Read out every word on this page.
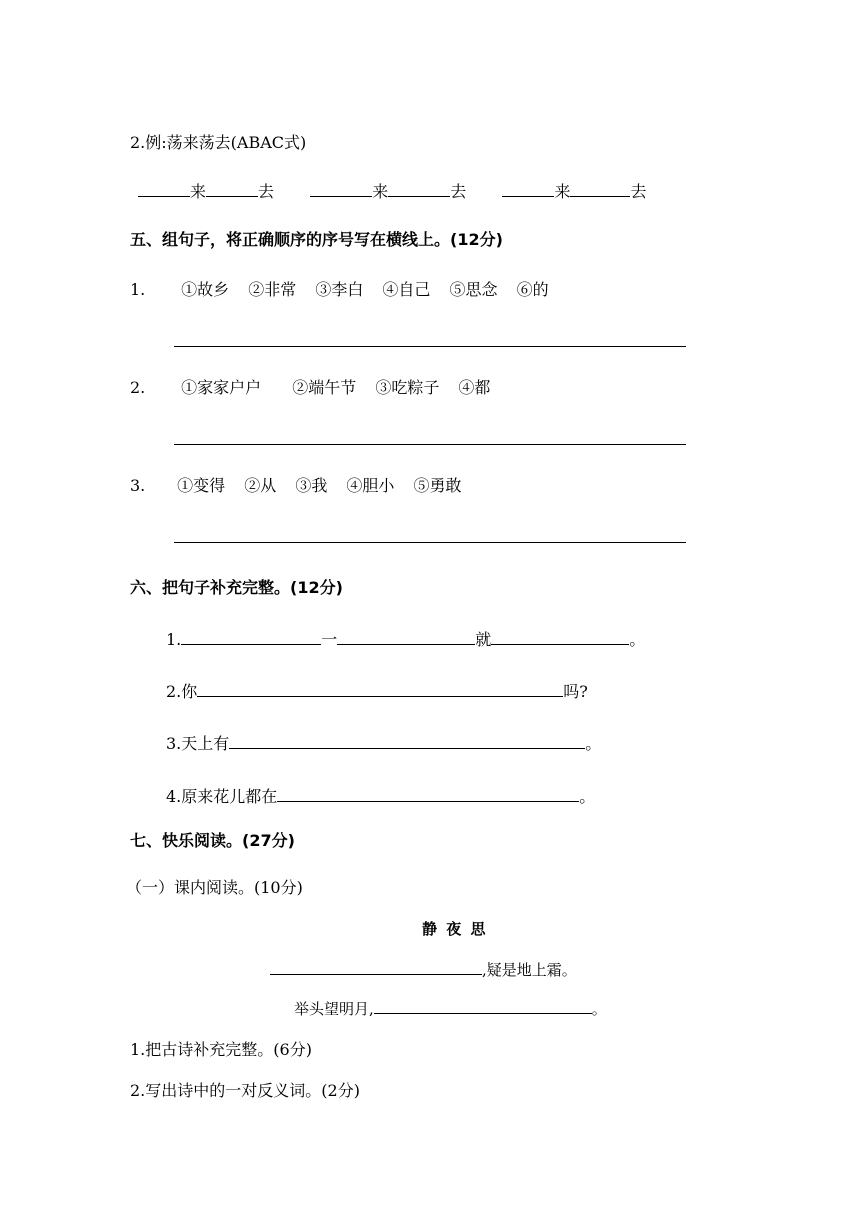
2.例:荡来荡去(ABAC式)
来	去	来	去	来	去
五、组句子，将正确顺序的序号写在横线上。(12分)
1. ①故乡 ②非常 ③李白 ④自己 ⑤思念 ⑥的
2. ①家家户户 ②端午节 ③吃粽子 ④都
3. ①变得 ②从 ③我 ④胆小 ⑤勇敢
六、把句子补充完整。(12分)
1.	一	就	。
2.你	吗?
3.天上有	。
4.原来花儿都在	。
七、快乐阅读。(27分)
（一）课内阅读。(10分)
静 夜 思
,疑是地上霜。
举头望明月,	。
1.把古诗补充完整。(6分)
2.写出诗中的一对反义词。(2分)
